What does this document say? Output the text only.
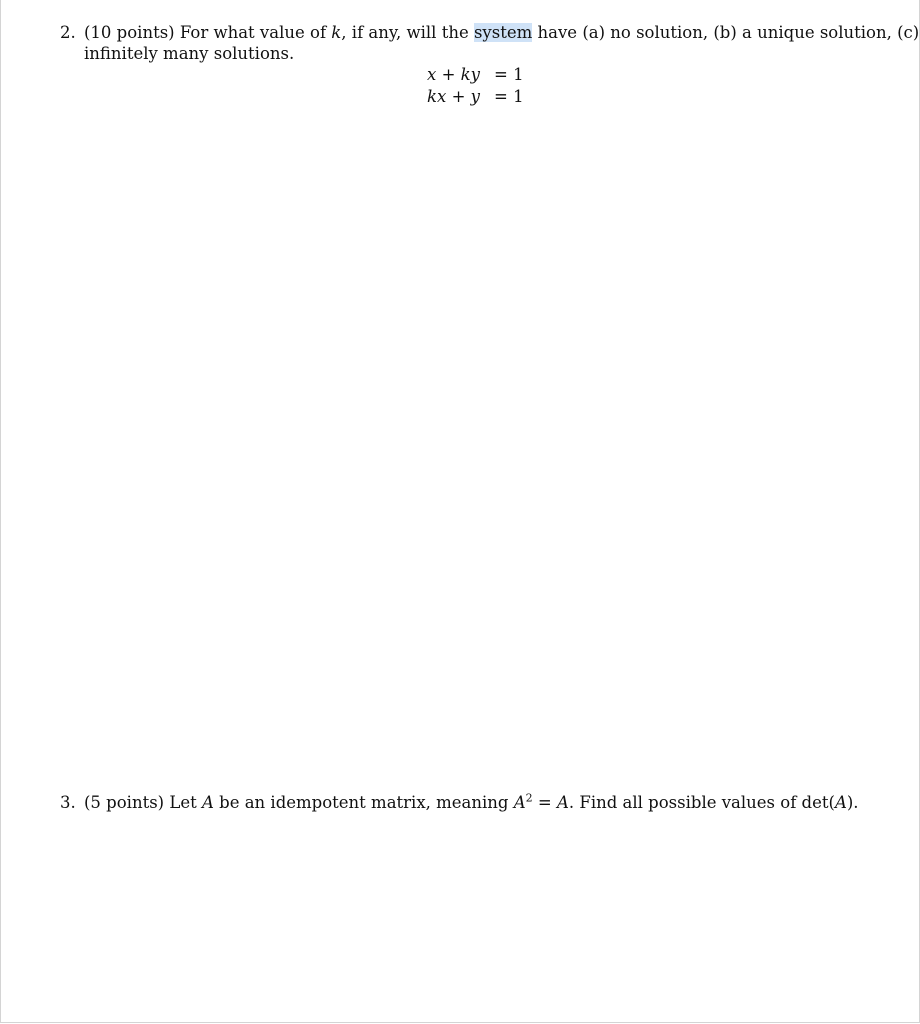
2. (10 points) For what value of k, if any, will the system have (a) no solution, (b) a unique solution, (c)
infinitely many solutions.
x + ky = 1
kx + y = 1
3. (5 points) Let A be an idempotent matrix, meaning $A^2 = A$. Find all possible values of det(A).
